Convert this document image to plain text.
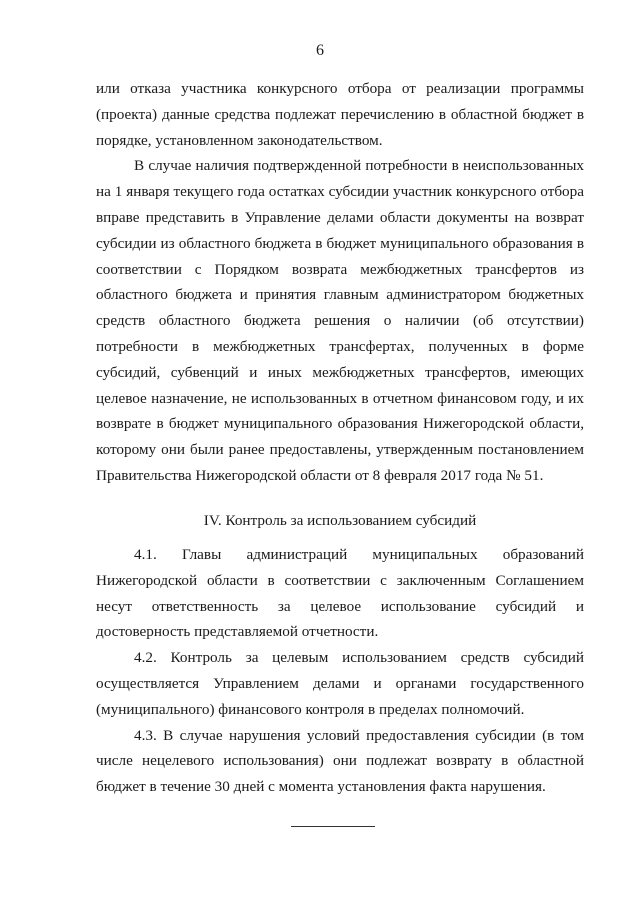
6

или отказа участника конкурсного отбора от реализации программы (проекта) данные средства подлежат перечислению в областной бюджет в порядке, установленном законодательством.

В случае наличия подтвержденной потребности в неиспользованных на 1 января текущего года остатках субсидии участник конкурсного отбора вправе представить в Управление делами области документы на возврат субсидии из областного бюджета в бюджет муниципального образования в соответствии с Порядком возврата межбюджетных трансфертов из областного бюджета и принятия главным администратором бюджетных средств областного бюджета решения о наличии (об отсутствии) потребности в межбюджетных трансфертах, полученных в форме субсидий, субвенций и иных межбюджетных трансфертов, имеющих целевое назначение, не использованных в отчетном финансовом году, и их возврате в бюджет муниципального образования Нижегородской области, которому они были ранее предоставлены, утвержденным постановлением Правительства Нижегородской области от 8 февраля 2017 года № 51.

IV. Контроль за использованием субсидий

4.1. Главы администраций муниципальных образований Нижегородской области в соответствии с заключенным Соглашением несут ответственность за целевое использование субсидий и достоверность представляемой отчетности.

4.2. Контроль за целевым использованием средств субсидий осуществляется Управлением делами и органами государственного (муниципального) финансового контроля в пределах полномочий.

4.3. В случае нарушения условий предоставления субсидии (в том числе нецелевого использования) они подлежат возврату в областной бюджет в течение 30 дней с момента установления факта нарушения.
